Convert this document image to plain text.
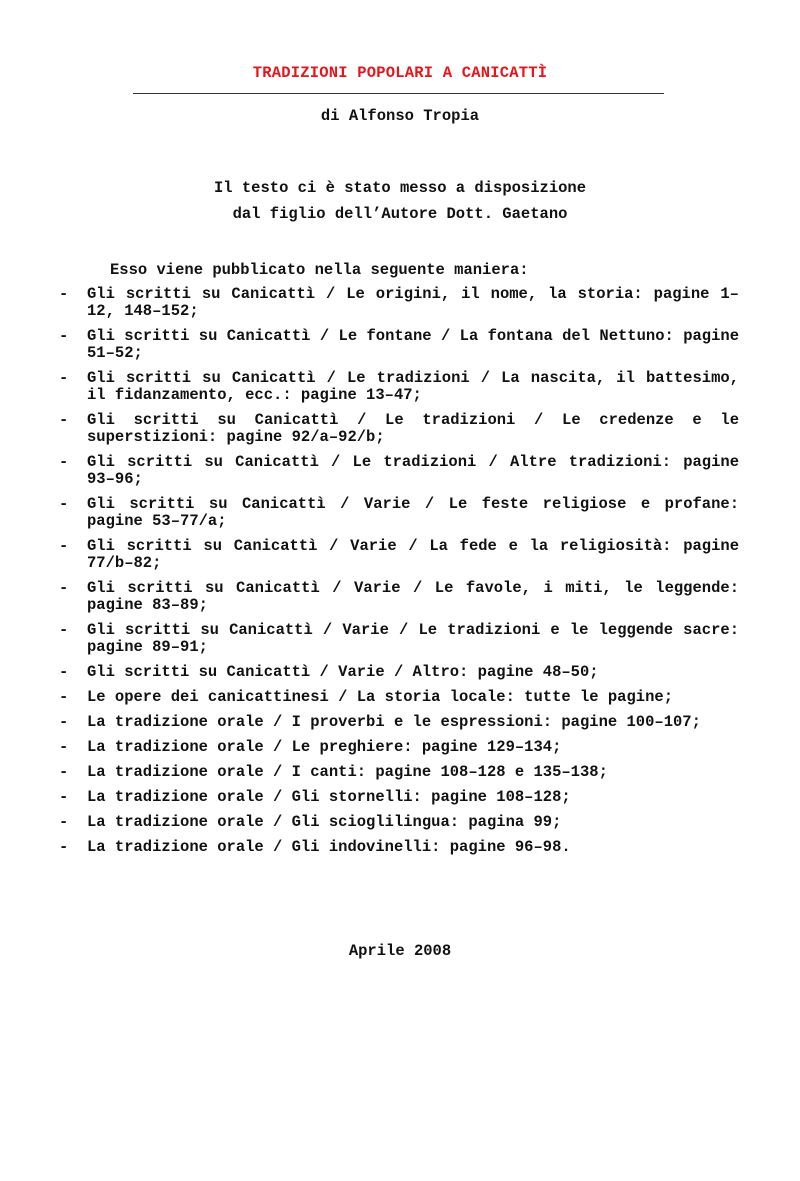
TRADIZIONI POPOLARI A CANICATTÌ
di Alfonso Tropia
Il testo ci è stato messo a disposizione
dal figlio dell’Autore Dott. Gaetano
Esso viene pubblicato nella seguente maniera:
- Gli scritti su Canicattì / Le origini, il nome, la storia: pagine 1–12, 148–152;
- Gli scritti su Canicattì / Le fontane / La fontana del Nettuno: pagine 51–52;
- Gli scritti su Canicattì / Le tradizioni / La nascita, il battesimo, il fidanzamento, ecc.: pagine 13–47;
- Gli scritti su Canicattì / Le tradizioni / Le credenze e le superstizioni: pagine 92/a–92/b;
- Gli scritti su Canicattì / Le tradizioni / Altre tradizioni: pagine 93–96;
- Gli scritti su Canicattì / Varie / Le feste religiose e profane: pagine 53–77/a;
- Gli scritti su Canicattì / Varie / La fede e la religiosità: pagine 77/b–82;
- Gli scritti su Canicattì / Varie / Le favole, i miti, le leggende: pagine 83–89;
- Gli scritti su Canicattì / Varie / Le tradizioni e le leggende sacre: pagine 89–91;
- Gli scritti su Canicattì / Varie / Altro: pagine 48–50;
- Le opere dei canicattinesi / La storia locale: tutte le pagine;
- La tradizione orale / I proverbi e le espressioni: pagine 100–107;
- La tradizione orale / Le preghiere: pagine 129–134;
- La tradizione orale / I canti: pagine 108–128 e 135–138;
- La tradizione orale / Gli stornelli: pagine 108–128;
- La tradizione orale / Gli scioglilingua: pagina 99;
- La tradizione orale / Gli indovinelli: pagine 96–98.
Aprile 2008
